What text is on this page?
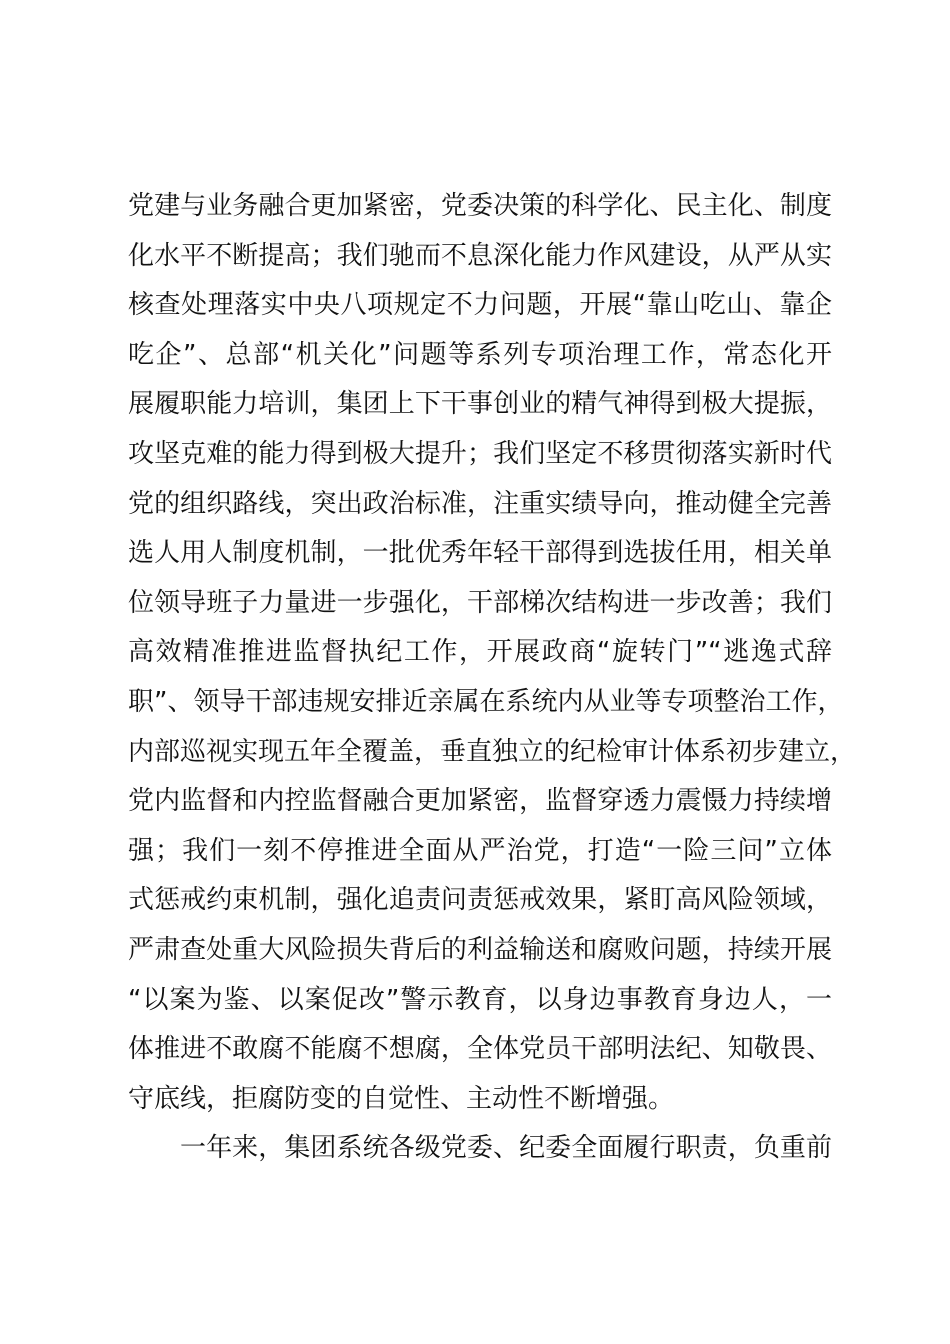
党建与业务融合更加紧密，党委决策的科学化、民主化、制度
化水平不断提高；我们驰而不息深化能力作风建设，从严从实
核查处理落实中央八项规定不力问题，开展“靠山吃山、靠企
吃企”、总部“机关化”问题等系列专项治理工作，常态化开
展履职能力培训，集团上下干事创业的精气神得到极大提振，
攻坚克难的能力得到极大提升；我们坚定不移贯彻落实新时代
党的组织路线，突出政治标准，注重实绩导向，推动健全完善
选人用人制度机制，一批优秀年轻干部得到选拔任用，相关单
位领导班子力量进一步强化，干部梯次结构进一步改善；我们
高效精准推进监督执纪工作，开展政商“旋转门”“逃逸式辞
职”、领导干部违规安排近亲属在系统内从业等专项整治工作，
内部巡视实现五年全覆盖，垂直独立的纪检审计体系初步建立，
党内监督和内控监督融合更加紧密，监督穿透力震慑力持续增
强；我们一刻不停推进全面从严治党，打造“一险三问”立体
式惩戒约束机制，强化追责问责惩戒效果，紧盯高风险领域，
严肃查处重大风险损失背后的利益输送和腐败问题，持续开展
“以案为鉴、以案促改”警示教育，以身边事教育身边人，一
体推进不敢腐不能腐不想腐，全体党员干部明法纪、知敬畏、
守底线，拒腐防变的自觉性、主动性不断增强。
一年来，集团系统各级党委、纪委全面履行职责，负重前
